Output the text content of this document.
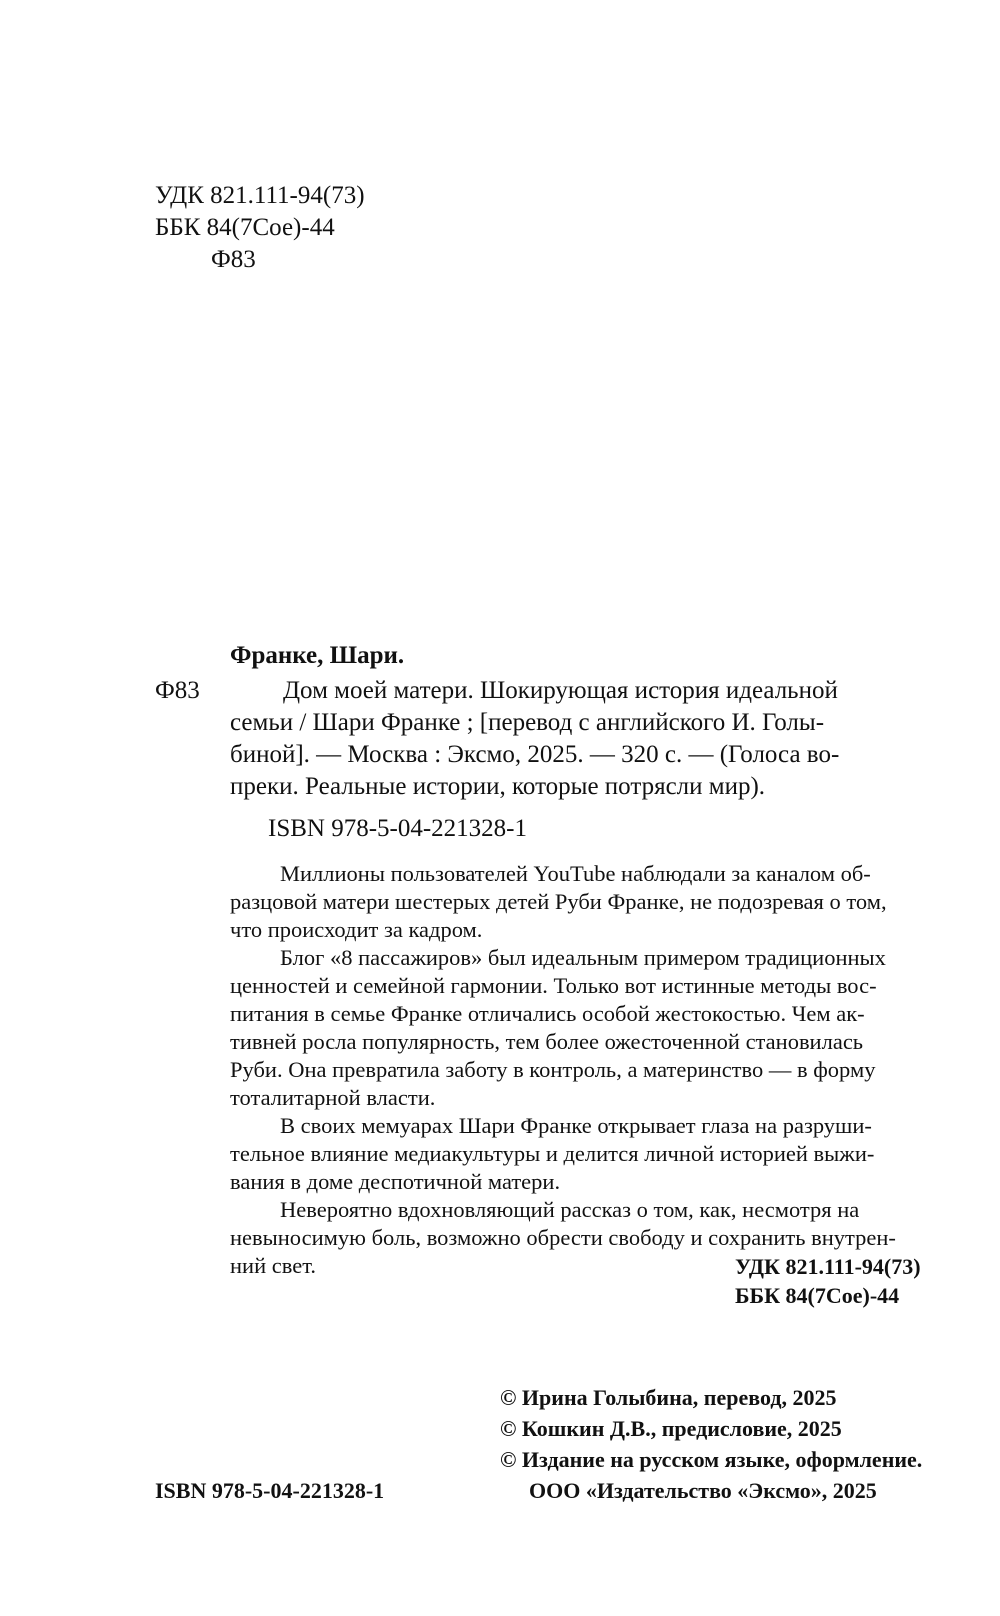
УДК 821.111-94(73)
ББК 84(7Сое)-44
Ф83
Франке, Шари.
Ф83	Дом моей матери. Шокирующая история идеальной
семьи / Шари Франке ; [перевод с английского И. Голы-
биной]. — Москва : Эксмо, 2025. — 320 с. — (Голоса во-
преки. Реальные истории, которые потрясли мир).
ISBN 978-5-04-221328-1
Миллионы пользователей YouTube наблюдали за каналом об-
разцовой матери шестерых детей Руби Франке, не подозревая о том,
что происходит за кадром.
Блог «8 пассажиров» был идеальным примером традиционных
ценностей и семейной гармонии. Только вот истинные методы вос-
питания в семье Франке отличались особой жестокостью. Чем ак-
тивней росла популярность, тем более ожесточенной становилась
Руби. Она превратила заботу в контроль, а материнство — в форму
тоталитарной власти.
В своих мемуарах Шари Франке открывает глаза на разруши-
тельное влияние медиакультуры и делится личной историей выжи-
вания в доме деспотичной матери.
Невероятно вдохновляющий рассказ о том, как, несмотря на
невыносимую боль, возможно обрести свободу и сохранить внутрен-
ний свет.	УДК 821.111-94(73)
ББК 84(7Сое)-44
© Ирина Голыбина, перевод, 2025
© Кошкин Д.В., предисловие, 2025
© Издание на русском языке, оформление.
ООО «Издательство «Эксмо», 2025
ISBN 978-5-04-221328-1
